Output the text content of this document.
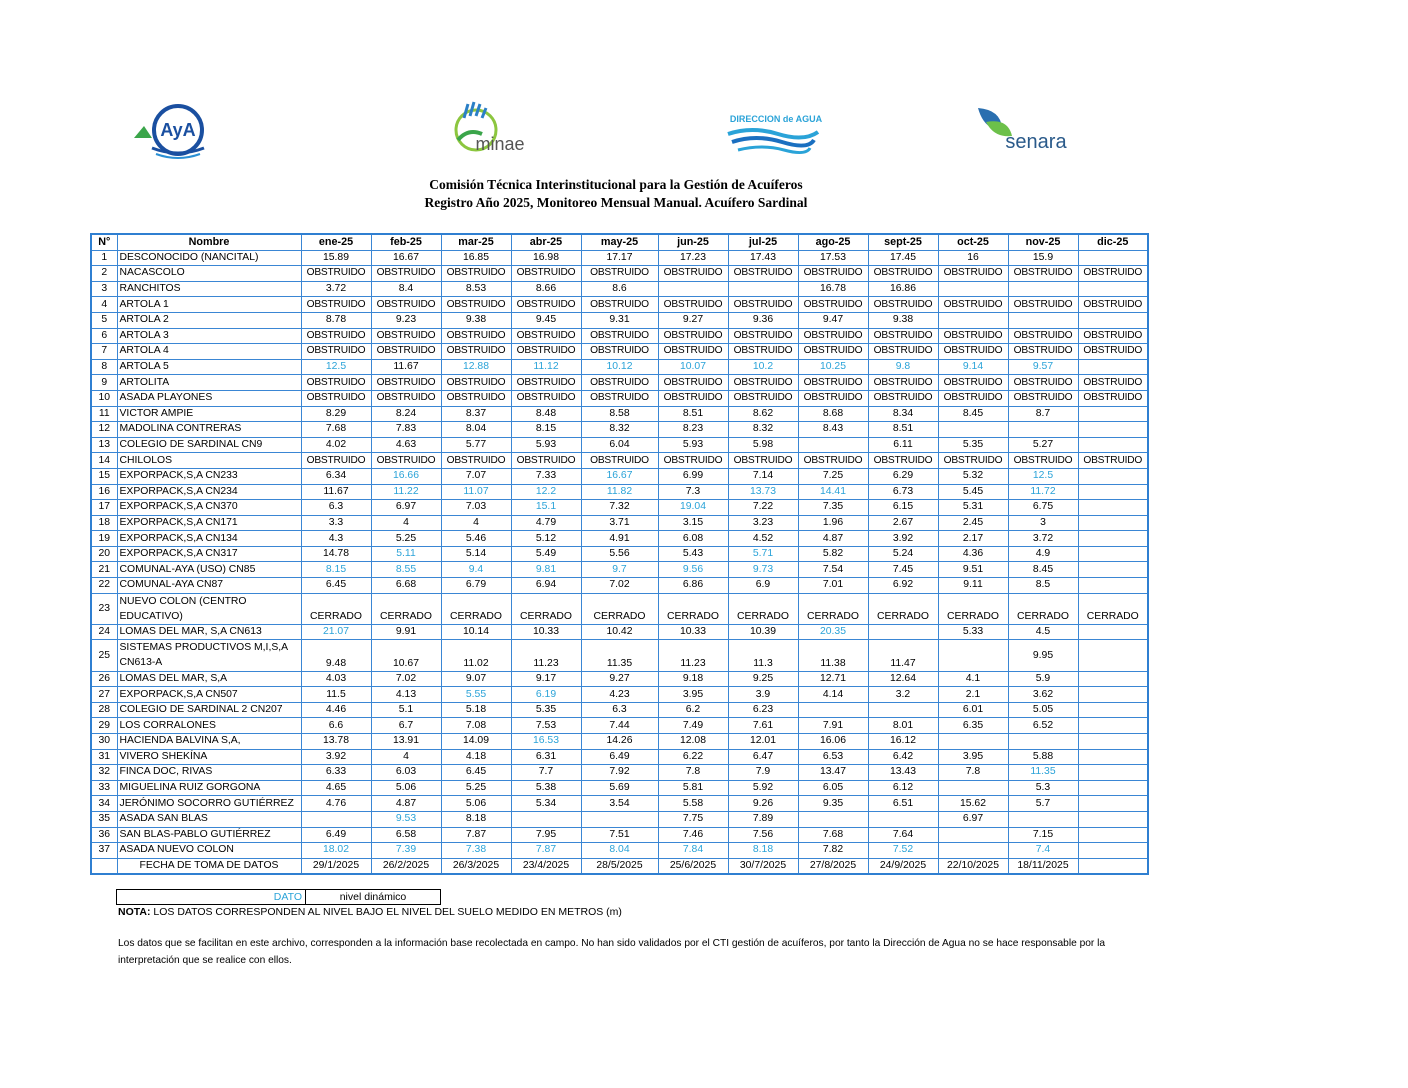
AyA
minae
DIRECCION de AGUA
senara
Comisión Técnica Interinstitucional para la Gestión de Acuíferos
Registro Año 2025, Monitoreo Mensual Manual. Acuífero Sardinal
N°	Nombre	ene-25	feb-25	mar-25	abr-25	may-25	jun-25	jul-25	ago-25	sept-25	oct-25	nov-25	dic-25
1	DESCONOCIDO (NANCITAL)	15.89	16.67	16.85	16.98	17.17	17.23	17.43	17.53	17.45	16	15.9	
2	NACASCOLO	OBSTRUIDO	OBSTRUIDO	OBSTRUIDO	OBSTRUIDO	OBSTRUIDO	OBSTRUIDO	OBSTRUIDO	OBSTRUIDO	OBSTRUIDO	OBSTRUIDO	OBSTRUIDO	OBSTRUIDO
3	RANCHITOS	3.72	8.4	8.53	8.66	8.6			16.78	16.86			
4	ARTOLA 1	OBSTRUIDO	OBSTRUIDO	OBSTRUIDO	OBSTRUIDO	OBSTRUIDO	OBSTRUIDO	OBSTRUIDO	OBSTRUIDO	OBSTRUIDO	OBSTRUIDO	OBSTRUIDO	OBSTRUIDO
5	ARTOLA 2	8.78	9.23	9.38	9.45	9.31	9.27	9.36	9.47	9.38			
6	ARTOLA 3	OBSTRUIDO	OBSTRUIDO	OBSTRUIDO	OBSTRUIDO	OBSTRUIDO	OBSTRUIDO	OBSTRUIDO	OBSTRUIDO	OBSTRUIDO	OBSTRUIDO	OBSTRUIDO	OBSTRUIDO
7	ARTOLA 4	OBSTRUIDO	OBSTRUIDO	OBSTRUIDO	OBSTRUIDO	OBSTRUIDO	OBSTRUIDO	OBSTRUIDO	OBSTRUIDO	OBSTRUIDO	OBSTRUIDO	OBSTRUIDO	OBSTRUIDO
8	ARTOLA 5	12.5	11.67	12.88	11.12	10.12	10.07	10.2	10.25	9.8	9.14	9.57	
9	ARTOLITA	OBSTRUIDO	OBSTRUIDO	OBSTRUIDO	OBSTRUIDO	OBSTRUIDO	OBSTRUIDO	OBSTRUIDO	OBSTRUIDO	OBSTRUIDO	OBSTRUIDO	OBSTRUIDO	OBSTRUIDO
10	ASADA PLAYONES	OBSTRUIDO	OBSTRUIDO	OBSTRUIDO	OBSTRUIDO	OBSTRUIDO	OBSTRUIDO	OBSTRUIDO	OBSTRUIDO	OBSTRUIDO	OBSTRUIDO	OBSTRUIDO	OBSTRUIDO
11	VICTOR AMPIE	8.29	8.24	8.37	8.48	8.58	8.51	8.62	8.68	8.34	8.45	8.7	
12	MADOLINA CONTRERAS	7.68	7.83	8.04	8.15	8.32	8.23	8.32	8.43	8.51			
13	COLEGIO DE SARDINAL CN9	4.02	4.63	5.77	5.93	6.04	5.93	5.98		6.11	5.35	5.27	
14	CHILOLOS	OBSTRUIDO	OBSTRUIDO	OBSTRUIDO	OBSTRUIDO	OBSTRUIDO	OBSTRUIDO	OBSTRUIDO	OBSTRUIDO	OBSTRUIDO	OBSTRUIDO	OBSTRUIDO	OBSTRUIDO
15	EXPORPACK,S,A CN233	6.34	16.66	7.07	7.33	16.67	6.99	7.14	7.25	6.29	5.32	12.5	
16	EXPORPACK,S,A CN234	11.67	11.22	11.07	12.2	11.82	7.3	13.73	14.41	6.73	5.45	11.72	
17	EXPORPACK,S,A CN370	6.3	6.97	7.03	15.1	7.32	19.04	7.22	7.35	6.15	5.31	6.75	
18	EXPORPACK,S,A CN171	3.3	4	4	4.79	3.71	3.15	3.23	1.96	2.67	2.45	3	
19	EXPORPACK,S,A CN134	4.3	5.25	5.46	5.12	4.91	6.08	4.52	4.87	3.92	2.17	3.72	
20	EXPORPACK,S,A CN317	14.78	5.11	5.14	5.49	5.56	5.43	5.71	5.82	5.24	4.36	4.9	
21	COMUNAL-AYA (USO) CN85	8.15	8.55	9.4	9.81	9.7	9.56	9.73	7.54	7.45	9.51	8.45	
22	COMUNAL-AYA CN87	6.45	6.68	6.79	6.94	7.02	6.86	6.9	7.01	6.92	9.11	8.5	
23	NUEVO COLON (CENTRO EDUCATIVO)	CERRADO	CERRADO	CERRADO	CERRADO	CERRADO	CERRADO	CERRADO	CERRADO	CERRADO	CERRADO	CERRADO	CERRADO
24	LOMAS DEL MAR, S,A CN613	21.07	9.91	10.14	10.33	10.42	10.33	10.39	20.35		5.33	4.5	
25	SISTEMAS PRODUCTIVOS M,I,S,A CN613-A	9.48	10.67	11.02	11.23	11.35	11.23	11.3	11.38	11.47		9.95	
26	LOMAS DEL MAR, S,A	4.03	7.02	9.07	9.17	9.27	9.18	9.25	12.71	12.64	4.1	5.9	
27	EXPORPACK,S,A CN507	11.5	4.13	5.55	6.19	4.23	3.95	3.9	4.14	3.2	2.1	3.62	
28	COLEGIO DE SARDINAL 2 CN207	4.46	5.1	5.18	5.35	6.3	6.2	6.23			6.01	5.05	
29	LOS CORRALONES	6.6	6.7	7.08	7.53	7.44	7.49	7.61	7.91	8.01	6.35	6.52	
30	HACIENDA BALVINA S,A,	13.78	13.91	14.09	16.53	14.26	12.08	12.01	16.06	16.12			
31	VIVERO SHEKÍNA	3.92	4	4.18	6.31	6.49	6.22	6.47	6.53	6.42	3.95	5.88	
32	FINCA DOC, RIVAS	6.33	6.03	6.45	7.7	7.92	7.8	7.9	13.47	13.43	7.8	11.35	
33	MIGUELINA RUIZ GORGONA	4.65	5.06	5.25	5.38	5.69	5.81	5.92	6.05	6.12		5.3	
34	JERÓNIMO SOCORRO GUTIÉRREZ	4.76	4.87	5.06	5.34	3.54	5.58	9.26	9.35	6.51	15.62	5.7	
35	ASADA SAN BLAS		9.53	8.18			7.75	7.89			6.97		
36	SAN BLAS-PABLO GUTIÉRREZ	6.49	6.58	7.87	7.95	7.51	7.46	7.56	7.68	7.64		7.15	
37	ASADA NUEVO COLON	18.02	7.39	7.38	7.87	8.04	7.84	8.18	7.82	7.52		7.4	
	FECHA DE TOMA DE DATOS	29/1/2025	26/2/2025	26/3/2025	23/4/2025	28/5/2025	25/6/2025	30/7/2025	27/8/2025	24/9/2025	22/10/2025	18/11/2025	
DATO	nivel dinámico
NOTA: LOS DATOS CORRESPONDEN AL NIVEL BAJO EL NIVEL DEL SUELO MEDIDO EN METROS (m)
Los datos que se facilitan en este archivo, corresponden a la información base recolectada en campo. No han sido validados por el CTI gestión de acuíferos, por tanto la Dirección de Agua no se hace responsable por la interpretación que se realice con ellos.
